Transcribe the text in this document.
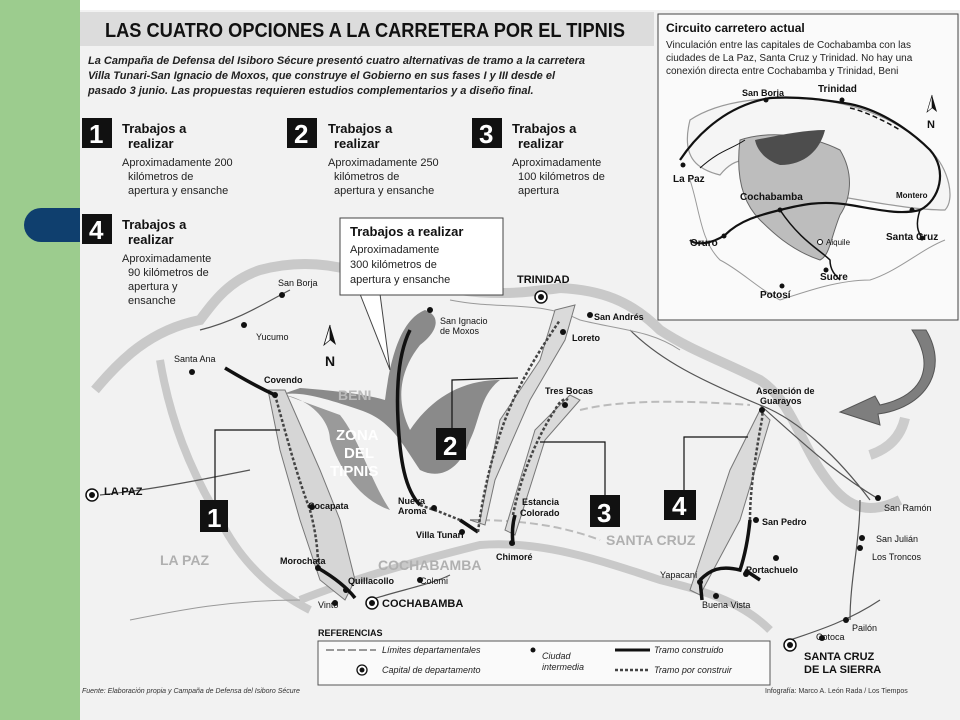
BENI
ZONA
DEL
TIPNIS
LA PAZ	COCHABAMBA
SANTA CRUZ
San Borja
Yucumo
Santa Ana
Covendo
LA PAZ
Cocapata
Morochata
Quillacollo
Vinto	COCHABAMBA
Colomi
San Ignacio
de Moxos
Nueva
Aroma
Villa Tunari
Chimoré
TRINIDAD
San Andrés
Loreto
Tres Bocas
Estancia
Colorado
Ascención de
Guarayos
San Ramón
San Julián
Los Troncos
San Pedro
Portachuelo
Yapacaní
Buena Vista
Pailón
Cotoca
SANTA CRUZ
DE LA SIERRA
N
1
2
3 4
Trabajos a realizar
Aproximadamente
300 kilómetros de
apertura y ensanche
LAS CUATRO OPCIONES A LA CARRETERA POR EL TIPNIS
La Campaña de Defensa del Isiboro Sécure presentó cuatro alternativas de tramo a la carretera
Villa Tunari-San Ignacio de Moxos, que construye el Gobierno en sus fases I y III desde el
pasado 3 junio. Las propuestas requieren estudios complementarios y a diseño final.
1 Trabajos a
realizar
Aproximadamente 200
kilómetros de
apertura y ensanche
2 Trabajos a
realizar
Aproximadamente 250
kilómetros de
apertura y ensanche
3 Trabajos a
realizar
Aproximadamente
100 kilómetros de
apertura
4 Trabajos a
realizar
Aproximadamente
90 kilómetros de
apertura y
ensanche
Circuito carretero actual
Vinculación entre las capitales de Cochabamba con las
ciudades de La Paz, Santa Cruz y Trinidad. No hay una
conexión directa entre Cochabamba y Trinidad, Beni
San Borja	Trinidad
La Paz
Cochabamba	Montero
Oruro
Santa Cruz
Aiquile
Sucre
Potosí
N
REFERENCIAS
Límites departamentales
Capital de departamento
Ciudad
intermedia
Tramo construido
Tramo por construir
Fuente: Elaboración propia y Campaña de Defensa del Isiboro Sécure	Infografía: Marco A. León Rada / Los Tiempos
